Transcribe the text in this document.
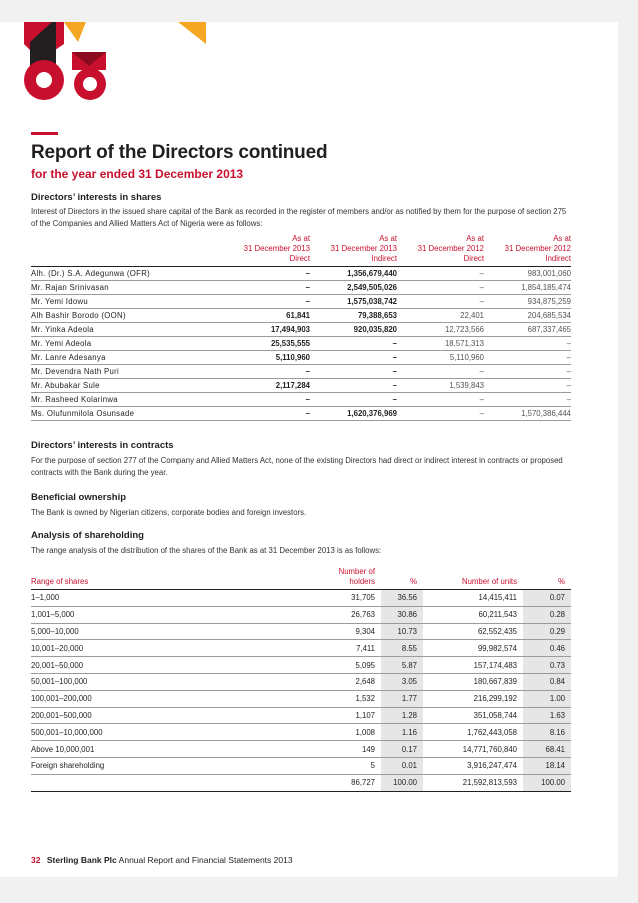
Report of the Directors continued

for the year ended 31 December 2013

Directors’ interests in shares

Interest of Directors in the issued share capital of the Bank as recorded in the register of members and/or as notified by them for the purpose of section 275 of the Companies and Allied Matters Act of Nigeria were as follows:

	As at
31 December 2013
Direct	As at
31 December 2013
Indirect	As at
31 December 2012
Direct	As at
31 December 2012
Indirect

Alh. (Dr.) S.A. Adegunwa (OFR)	–	1,356,679,440	–	983,001,060
Mr. Rajan Srinivasan	–	2,549,505,026	–	1,854,185,474
Mr. Yemi Idowu	–	1,575,038,742	–	934,875,259
Alh Bashir Borodo (OON)	61,841	79,388,653	22,401	204,685,534
Mr. Yinka Adeola	17,494,903	920,035,820	12,723,566	687,337,465
Mr. Yemi Adeola	25,535,555	–	18,571,313	–
Mr. Lanre Adesanya	5,110,960	–	5,110,960	–
Mr. Devendra Nath Puri	–	–	–	–
Mr. Abubakar Sule	2,117,284	–	1,539,843	–
Mr. Rasheed Kolarinwa	–	–	–	–
Ms. Olufunmilola Osunsade	–	1,620,376,969	–	1,570,386,444
Directors’ interests in contracts

For the purpose of section 277 of the Company and Allied Matters Act, none of the existing Directors had direct or indirect interest in contracts or proposed contracts with the Bank during the year.

Beneficial ownership

The Bank is owned by Nigerian citizens, corporate bodies and foreign investors.

Analysis of shareholding

The range analysis of the distribution of the shares of the Bank as at 31 December 2013 is as follows:

Range of shares	Number of
holders	%	Number of units	%
1–1,000	31,705	36.56	14,415,411	0.07
1,001–5,000	26,763	30.86	60,211,543	0.28
5,000–10,000	9,304	10.73	62,552,435	0.29
10,001–20,000	7,411	8.55	99,982,574	0.46
20,001–50,000	5,095	5.87	157,174,483	0.73
50,001–100,000	2,648	3.05	180,667,839	0.84
100,001–200,000	1,532	1.77	216,299,192	1.00
200,001–500,000	1,107	1.28	351,058,744	1.63
500,001–10,000,000	1,008	1.16	1,762,443,058	8.16
Above 10,000,001	149	0.17	14,771,760,840	68.41
Foreign shareholding	5	0.01	3,916,247,474	18.14
	86,727	100.00	21,592,813,593	100.00
32 Sterling Bank Plc Annual Report and Financial Statements 2013
